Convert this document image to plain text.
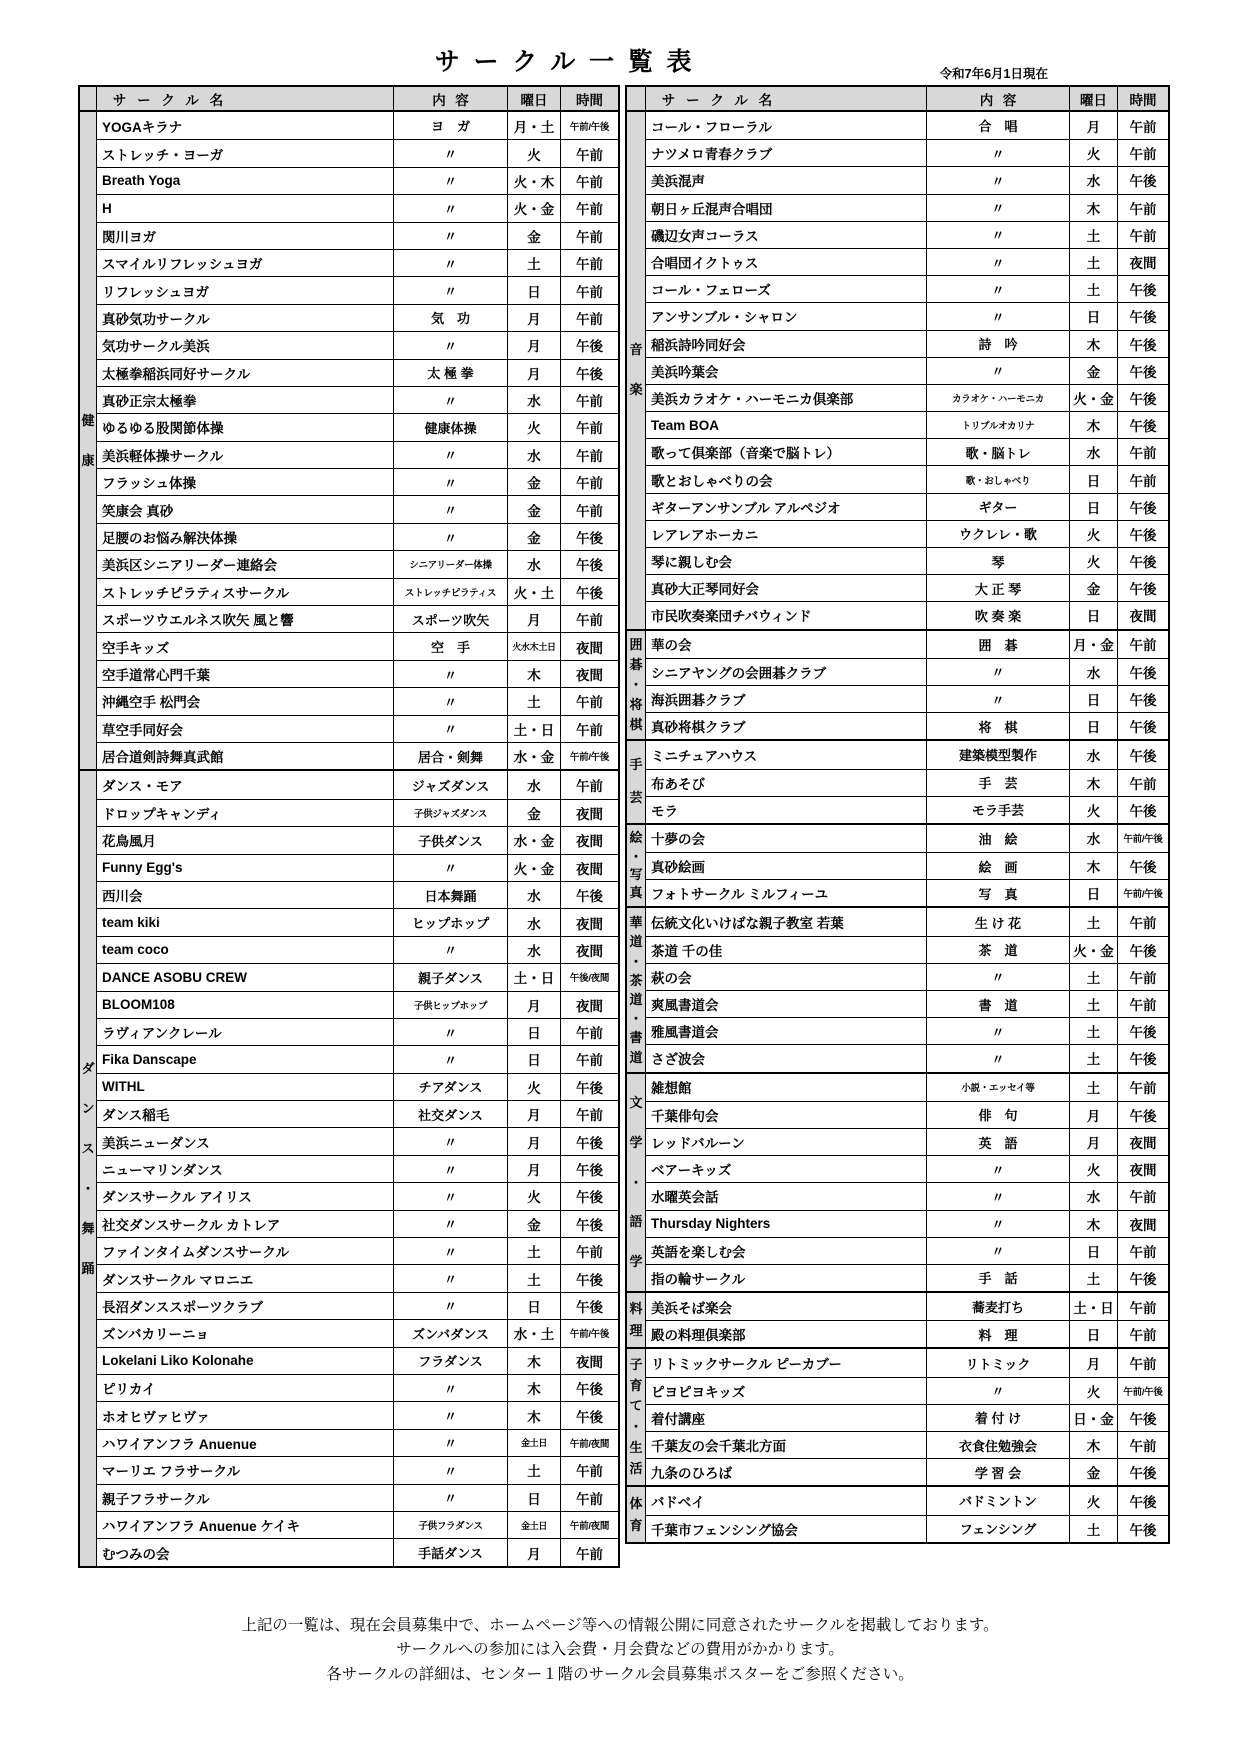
サークル一覧表	令和7年6月1日現在
サークル名	内容	曜日	時間
健
康
YOGAキラナ	ヨ　ガ	月・土	午前/午後
ストレッチ・ヨーガ	〃	火	午前
Breath Yoga	〃	火・木	午前
H	〃	火・金	午前
関川ヨガ	〃	金	午前
スマイルリフレッシュヨガ	〃	土	午前
リフレッシュヨガ	〃	日	午前
真砂気功サークル	気　功	月	午前
気功サークル美浜	〃	月	午後
太極拳稲浜同好サークル	太 極 拳	月	午後
真砂正宗太極拳	〃	水	午前
ゆるゆる股関節体操	健康体操	火	午前
美浜軽体操サークル	〃	水	午前
フラッシュ体操	〃	金	午前
笑康会 真砂	〃	金	午前
足腰のお悩み解決体操	〃	金	午後
美浜区シニアリーダー連絡会	シニアリーダー体操	水	午後
ストレッチピラティスサークル	ストレッチピラティス	火・土	午後
スポーツウエルネス吹矢 風と響	スポーツ吹矢	月	午前
空手キッズ	空　手	火水木土日	夜間
空手道常心門千葉	〃	木	夜間
沖縄空手 松門会	〃	土	午前
草空手同好会	〃	土・日	午前
居合道剣詩舞真武館	居合・剣舞	水・金	午前/午後
ダ
ン
ス
・
舞
踊
ダンス・モア	ジャズダンス	水	午前
ドロップキャンディ	子供ジャズダンス	金	夜間
花鳥風月	子供ダンス	水・金	夜間
Funny Egg's	〃	火・金	夜間
西川会	日本舞踊	水	午後
team kiki	ヒップホップ	水	夜間
team coco	〃	水	夜間
DANCE ASOBU CREW	親子ダンス	土・日	午後/夜間
BLOOM108	子供ヒップホップ	月	夜間
ラヴィアンクレール	〃	日	午前
Fika Danscape	〃	日	午前
WITHL	チアダンス	火	午後
ダンス稲毛	社交ダンス	月	午前
美浜ニューダンス	〃	月	午後
ニューマリンダンス	〃	月	午後
ダンスサークル アイリス	〃	火	午後
社交ダンスサークル カトレア	〃	金	午後
ファインタイムダンスサークル	〃	土	午前
ダンスサークル マロニエ	〃	土	午後
長沼ダンススポーツクラブ	〃	日	午後
ズンバカリーニョ	ズンバダンス	水・土	午前/午後
Lokelani Liko Kolonahe	フラダンス	木	夜間
ピリカイ	〃	木	午後
ホオヒヴァヒヴァ	〃	木	午後
ハワイアンフラ Anuenue	〃	金土日	午前/夜間
マーリエ フラサークル	〃	土	午前
親子フラサークル	〃	日	午前
ハワイアンフラ Anuenue ケイキ	子供フラダンス	金土日	午前/夜間
むつみの会	手話ダンス	月	午前
サークル名	内容	曜日	時間
音
楽
コール・フローラル	合　唱	月	午前
ナツメロ青春クラブ	〃	火	午前
美浜混声	〃	水	午後
朝日ヶ丘混声合唱団	〃	木	午前
磯辺女声コーラス	〃	土	午前
合唱団イクトゥス	〃	土	夜間
コール・フェローズ	〃	土	午後
アンサンブル・シャロン	〃	日	午後
稲浜詩吟同好会	詩　吟	木	午後
美浜吟葉会	〃	金	午後
美浜カラオケ・ハーモニカ倶楽部	カラオケ・ハーモニカ	火・金	午後
Team BOA	トリプルオカリナ	木	午後
歌って倶楽部（音楽で脳トレ）	歌・脳トレ	水	午前
歌とおしゃべりの会	歌・おしゃべり	日	午前
ギターアンサンブル アルペジオ	ギター	日	午後
レアレアホーカニ	ウクレレ・歌	火	午後
琴に親しむ会	琴	火	午後
真砂大正琴同好会	大 正 琴	金	午後
市民吹奏楽団チバウィンド	吹 奏 楽	日	夜間
囲
碁
・
将
棋
華の会	囲　碁	月・金	午前
シニアヤングの会囲碁クラブ	〃	水	午後
海浜囲碁クラブ	〃	日	午後
真砂将棋クラブ	将　棋	日	午後
手
芸
ミニチュアハウス	建築模型製作	水	午後
布あそび	手　芸	木	午前
モラ	モラ手芸	火	午後
絵
・
写
真
十夢の会	油　絵	水	午前/午後
真砂絵画	絵　画	木	午後
フォトサークル ミルフィーユ	写　真	日	午前/午後
華
道
・
茶
道
・
書
道
伝統文化いけばな親子教室 若葉	生 け 花	土	午前
茶道 千の佳	茶　道	火・金	午後
萩の会	〃	土	午前
爽風書道会	書　道	土	午前
雅風書道会	〃	土	午後
さざ波会	〃	土	午後
文
学
・
語
学
雑想館	小説・エッセイ等	土	午前
千葉俳句会	俳　句	月	午後
レッドバルーン	英　語	月	夜間
ベアーキッズ	〃	火	夜間
水曜英会話	〃	水	午前
Thursday Nighters	〃	木	夜間
英語を楽しむ会	〃	日	午前
指の輪サークル	手　話	土	午後
料
理
美浜そば楽会	蕎麦打ち	土・日	午前
殿の料理倶楽部	料　理	日	午前
子
育
て
・
生
活
リトミックサークル ピーカブー	リトミック	月	午前
ピヨピヨキッズ	〃	火	午前/午後
着付講座	着 付 け	日・金	午後
千葉友の会千葉北方面	衣食住勉強会	木	午前
九条のひろば	学 習 会	金	午後
体
育
バドベイ	バドミントン	火	午後
千葉市フェンシング協会	フェンシング	土	午後
上記の一覧は、現在会員募集中で、ホームページ等への情報公開に同意されたサークルを掲載しております。
サークルへの参加には入会費・月会費などの費用がかかります。
各サークルの詳細は、センター１階のサークル会員募集ポスターをご参照ください。
